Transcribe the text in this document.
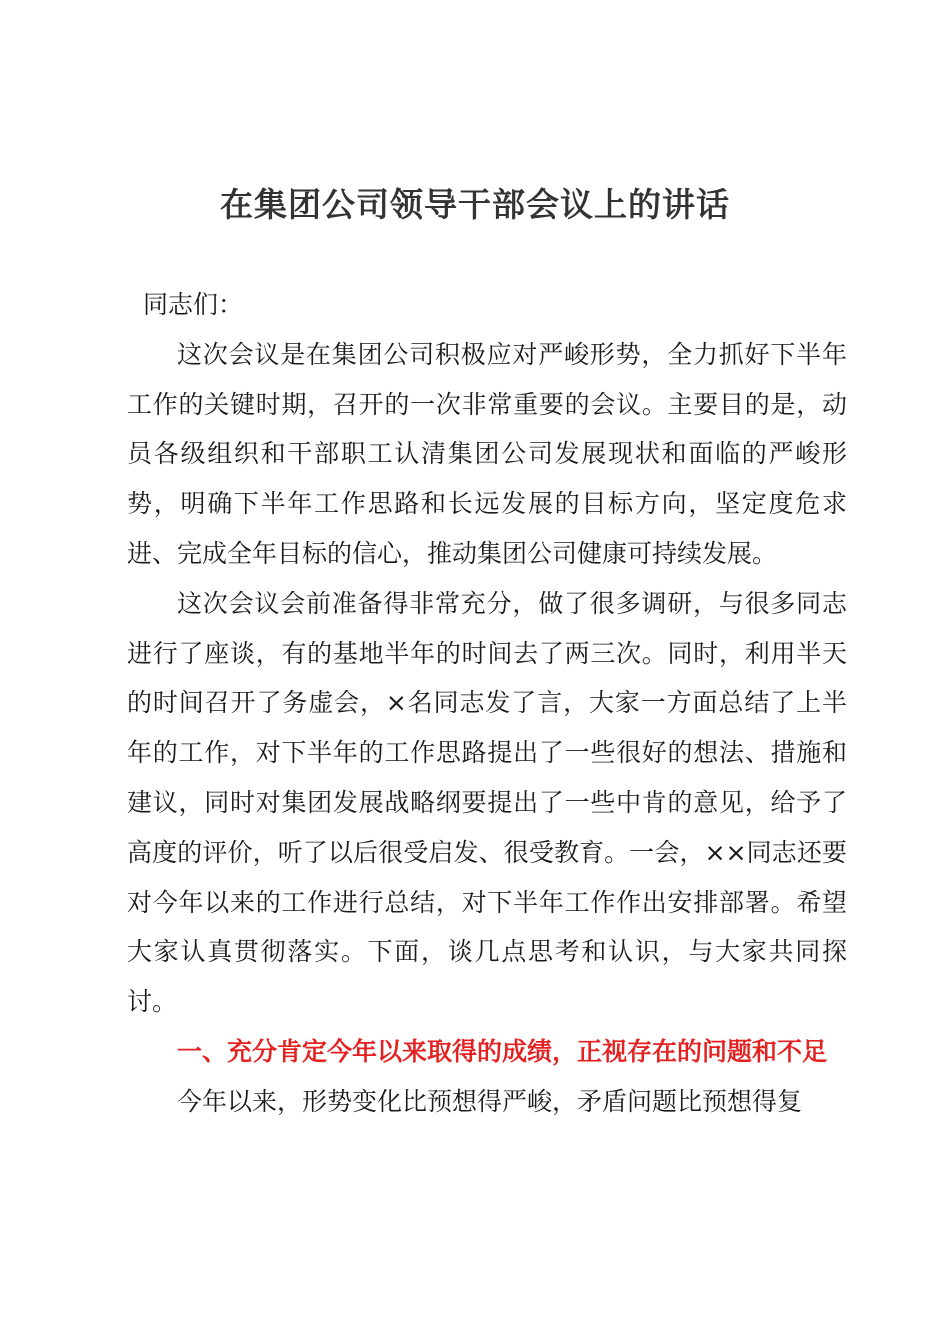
在集团公司领导干部会议上的讲话

同志们：

这次会议是在集团公司积极应对严峻形势，全力抓好下半年工作的关键时期，召开的一次非常重要的会议。主要目的是，动员各级组织和干部职工认清集团公司发展现状和面临的严峻形势，明确下半年工作思路和长远发展的目标方向，坚定度危求进、完成全年目标的信心，推动集团公司健康可持续发展。

这次会议会前准备得非常充分，做了很多调研，与很多同志进行了座谈，有的基地半年的时间去了两三次。同时，利用半天的时间召开了务虚会，×名同志发了言，大家一方面总结了上半年的工作，对下半年的工作思路提出了一些很好的想法、措施和建议，同时对集团发展战略纲要提出了一些中肯的意见，给予了高度的评价，听了以后很受启发、很受教育。一会，××同志还要对今年以来的工作进行总结，对下半年工作作出安排部署。希望大家认真贯彻落实。下面，谈几点思考和认识，与大家共同探讨。

一、充分肯定今年以来取得的成绩，正视存在的问题和不足

今年以来，形势变化比预想得严峻，矛盾问题比预想得复
